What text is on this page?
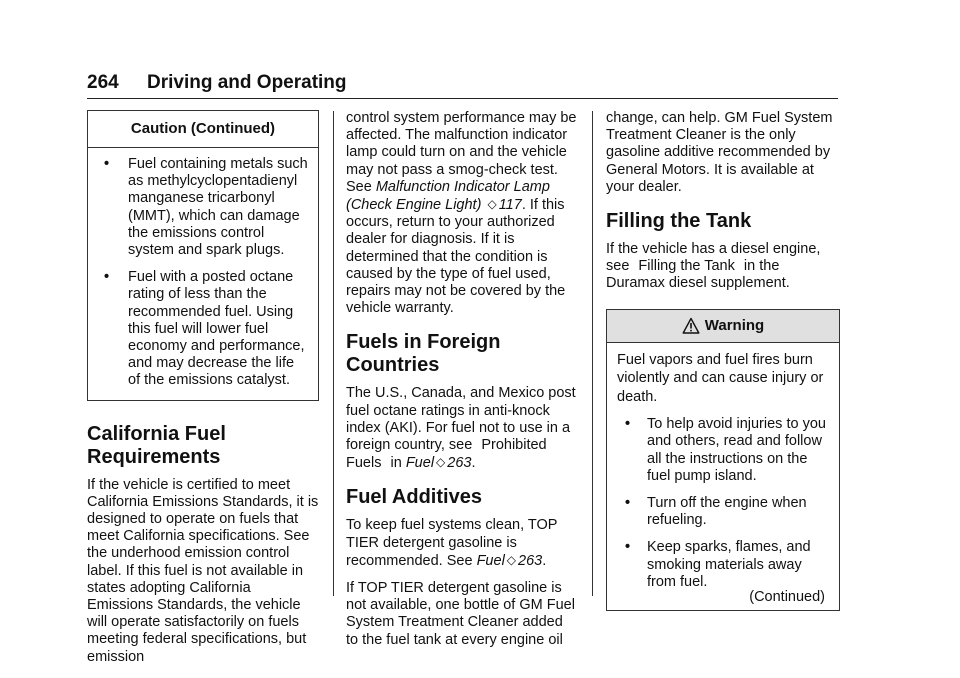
264 Driving and Operating
Caution (Continued)
• Fuel containing metals such as methylcyclopentadienyl manganese tricarbonyl (MMT), which can damage the emissions control system and spark plugs.
• Fuel with a posted octane rating of less than the recommended fuel. Using this fuel will lower fuel economy and performance, and may decrease the life of the emissions catalyst.
California Fuel Requirements

If the vehicle is certified to meet California Emissions Standards, it is designed to operate on fuels that meet California specifications. See the underhood emission control label. If this fuel is not available in states adopting California Emissions Standards, the vehicle will operate satisfactorily on fuels meeting federal specifications, but emission

control system performance may be affected. The malfunction indicator lamp could turn on and the vehicle may not pass a smog-check test. See Malfunction Indicator Lamp (Check Engine Light) ◇ 117. If this occurs, return to your authorized dealer for diagnosis. If it is determined that the condition is caused by the type of fuel used, repairs may not be covered by the vehicle warranty.

Fuels in Foreign Countries

The U.S., Canada, and Mexico post fuel octane ratings in anti-knock index (AKI). For fuel not to use in a foreign country, see Prohibited Fuels in Fuel ◇ 263.

Fuel Additives

To keep fuel systems clean, TOP TIER detergent gasoline is recommended. See Fuel ◇ 263.

If TOP TIER detergent gasoline is not available, one bottle of GM Fuel System Treatment Cleaner added to the fuel tank at every engine oil

change, can help. GM Fuel System Treatment Cleaner is the only gasoline additive recommended by General Motors. It is available at your dealer.

Filling the Tank

If the vehicle has a diesel engine, see Filling the Tank in the Duramax diesel supplement.

Warning

Fuel vapors and fuel fires burn violently and can cause injury or death.

• To help avoid injuries to you and others, read and follow all the instructions on the fuel pump island.
• Turn off the engine when refueling.
• Keep sparks, flames, and smoking materials away from fuel.
(Continued)
